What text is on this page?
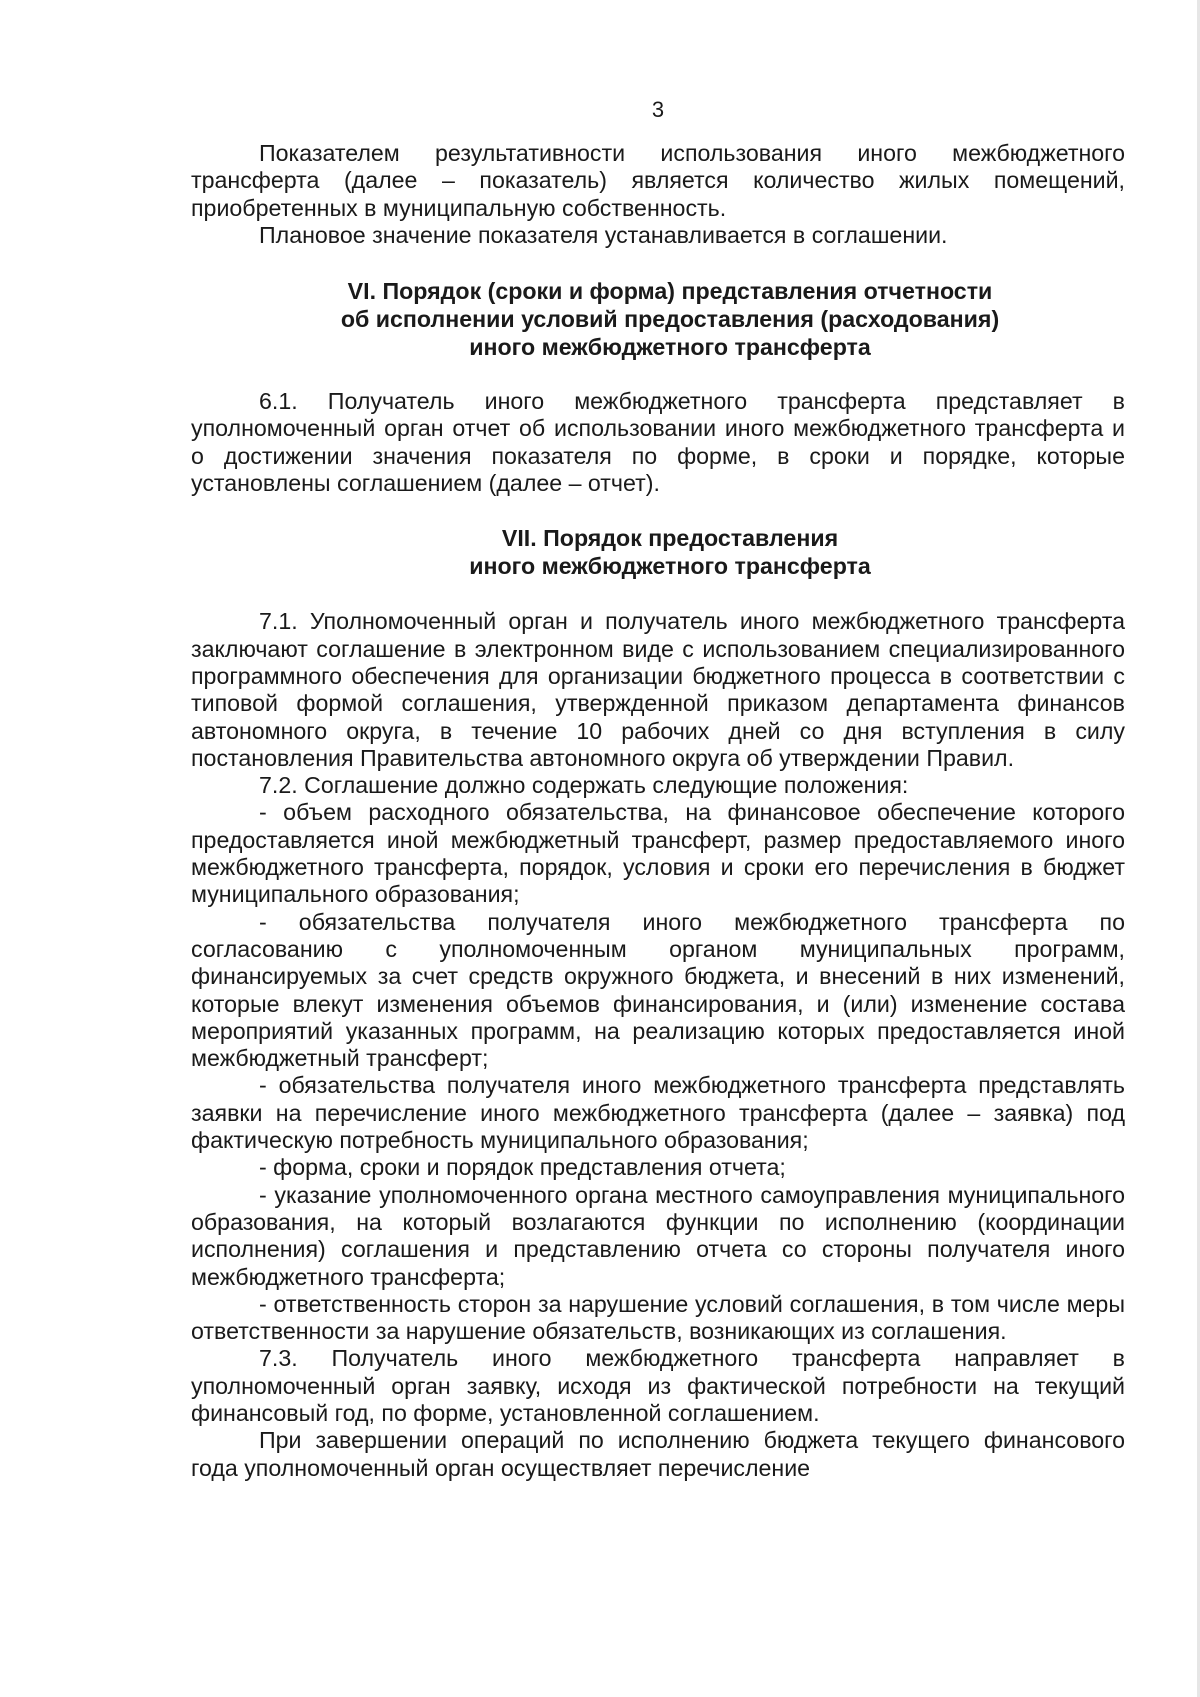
3

Показателем результативности использования иного межбюджетного трансферта (далее – показатель) является количество жилых помещений, приобретенных в муниципальную собственность.

Плановое значение показателя устанавливается в соглашении.

VI. Порядок (сроки и форма) представления отчетности

об исполнении условий предоставления (расходования)

иного межбюджетного трансферта

6.1. Получатель иного межбюджетного трансферта представляет в уполномоченный орган отчет об использовании иного межбюджетного трансферта и о достижении значения показателя по форме, в сроки и порядке, которые установлены соглашением (далее – отчет).

VII. Порядок предоставления

иного межбюджетного трансферта

7.1. Уполномоченный орган и получатель иного межбюджетного трансферта заключают соглашение в электронном виде с использованием специализированного программного обеспечения для организации бюджетного процесса в соответствии с типовой формой соглашения, утвержденной приказом департамента финансов автономного округа, в течение 10 рабочих дней со дня вступления в силу постановления Правительства автономного округа об утверждении Правил.

7.2. Соглашение должно содержать следующие положения:

- объем расходного обязательства, на финансовое обеспечение которого предоставляется иной межбюджетный трансферт, размер предоставляемого иного межбюджетного трансферта, порядок, условия и сроки его перечисления в бюджет муниципального образования;

- обязательства получателя иного межбюджетного трансферта по согласованию с уполномоченным органом муниципальных программ, финансируемых за счет средств окружного бюджета, и внесений в них изменений, которые влекут изменения объемов финансирования, и (или) изменение состава мероприятий указанных программ, на реализацию которых предоставляется иной межбюджетный трансферт;

- обязательства получателя иного межбюджетного трансферта представлять заявки на перечисление иного межбюджетного трансферта (далее – заявка) под фактическую потребность муниципального образования;

- форма, сроки и порядок представления отчета;

- указание уполномоченного органа местного самоуправления муниципального образования, на который возлагаются функции по исполнению (координации исполнения) соглашения и представлению отчета со стороны получателя иного межбюджетного трансферта;

- ответственность сторон за нарушение условий соглашения, в том числе меры ответственности за нарушение обязательств, возникающих из соглашения.

7.3. Получатель иного межбюджетного трансферта направляет в уполномоченный орган заявку, исходя из фактической потребности на текущий финансовый год, по форме, установленной соглашением.

При завершении операций по исполнению бюджета текущего финансового года уполномоченный орган осуществляет перечисление
